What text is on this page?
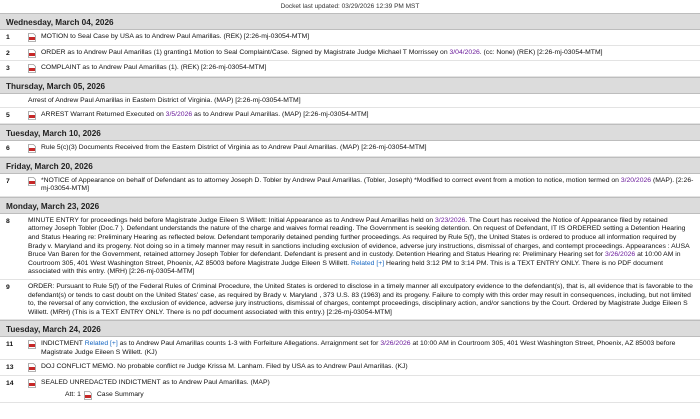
Docket last updated: 03/29/2026 12:39 PM MST
Wednesday, March 04, 2026
1	MOTION to Seal Case by USA as to Andrew Paul Amarillas. (REK) [2:26-mj-03054-MTM]
2	ORDER as to Andrew Paul Amarillas (1) granting1 Motion to Seal Complaint/Case. Signed by Magistrate Judge Michael T Morrissey on 3/04/2026. (cc: None) (REK) [2:26-mj-03054-MTM]
3	COMPLAINT as to Andrew Paul Amarillas (1). (REK) [2:26-mj-03054-MTM]
Thursday, March 05, 2026
Arrest of Andrew Paul Amarillas in Eastern District of Virginia. (MAP) [2:26-mj-03054-MTM]
5	ARREST Warrant Returned Executed on 3/5/2026 as to Andrew Paul Amarillas. (MAP) [2:26-mj-03054-MTM]
Tuesday, March 10, 2026
6	Rule 5(c)(3) Documents Received from the Eastern District of Virginia as to Andrew Paul Amarillas. (MAP) [2:26-mj-03054-MTM]
Friday, March 20, 2026
7	*NOTICE of Appearance on behalf of Defendant as to attorney Joseph D. Tobler by Andrew Paul Amarillas. (Tobler, Joseph) *Modified to correct event from a motion to notice, motion termed on 3/20/2026 (MAP). [2:26-mj-03054-MTM]
Monday, March 23, 2026
8	MINUTE ENTRY for proceedings held before Magistrate Judge Eileen S Willett: Initial Appearance as to Andrew Paul Amarillas held on 3/23/2026. The Court has received the Notice of Appearance filed by retained attorney Joseph Tobler (Doc.7 ). Defendant understands the nature of the charge and waives formal reading. The Government is seeking detention. On request of Defendant, IT IS ORDERED setting a Detention Hearing and Status Hearing re: Preliminary Hearing as reflected below. Defendant temporarily detained pending further proceedings. As required by Rule 5(f), the United States is ordered to produce all information required by Brady v. Maryland and its progeny. Not doing so in a timely manner may result in sanctions including exclusion of evidence, adverse jury instructions, dismissal of charges, and contempt proceedings. Appearances : AUSA Bruce Van Baren for the Government, retained attorney Joseph Tobler for defendant. Defendant is present and in custody. Detention Hearing and Status Hearing re: Preliminary Hearing set for 3/26/2026 at 10:00 AM in Courtroom 305, 401 West Washington Street, Phoenix, AZ 85003 before Magistrate Judge Eileen S Willett. Related [+] Hearing held 3:12 PM to 3:14 PM. This is a TEXT ENTRY ONLY. There is no PDF document associated with this entry. (MRH) [2:26-mj-03054-MTM]
9	ORDER: Pursuant to Rule 5(f) of the Federal Rules of Criminal Procedure, the United States is ordered to disclose in a timely manner all exculpatory evidence to the defendant(s), that is, all evidence that is favorable to the defendant(s) or tends to cast doubt on the United States' case, as required by Brady v. Maryland , 373 U.S. 83 (1963) and its progeny. Failure to comply with this order may result in consequences, including, but not limited to, the reversal of any conviction, the exclusion of evidence, adverse jury instructions, dismissal of charges, contempt proceedings, disciplinary action, and/or sanctions by the Court. Ordered by Magistrate Judge Eileen S Willett. (MRH) (This is a TEXT ENTRY ONLY. There is no pdf document associated with this entry.) [2:26-mj-03054-MTM]
Tuesday, March 24, 2026
11	INDICTMENT Related [+] as to Andrew Paul Amarillas counts 1-3 with Forfeiture Allegations. Arraignment set for 3/26/2026 at 10:00 AM in Courtroom 305, 401 West Washington Street, Phoenix, AZ 85003 before Magistrate Judge Eileen S Willett. (KJ)
13	DOJ CONFLICT MEMO. No probable conflict re Judge Krissa M. Lanham. Filed by USA as to Andrew Paul Amarillas. (KJ)
14	SEALED UNREDACTED INDICTMENT as to Andrew Paul Amarillas. (MAP)
Att: 1 Case Summary
